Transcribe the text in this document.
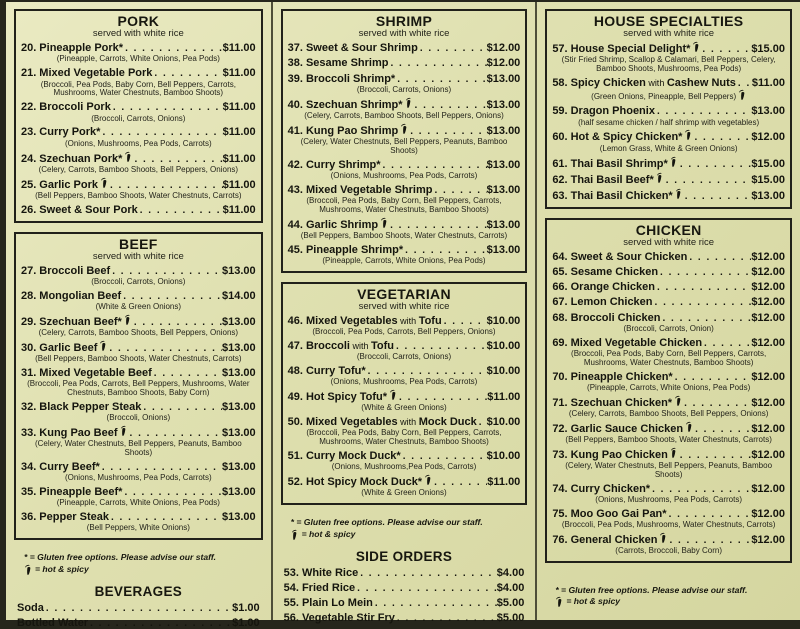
PORK
served with white rice
20. Pineapple Pork* . . .	$11.00
(Pineapple, Carrots, White Onions, Pea Pods)
21. Mixed Vegetable Pork . . .	$11.00
(Broccoli, Pea Pods, Baby Corn, Bell Peppers, Carrots, Mushrooms, Water Chestnuts, Bamboo Shoots)
22. Broccoli Pork . . .	$11.00
(Broccoli, Carrots, Onions)
23. Curry Pork* . . .	$11.00
(Onions, Mushrooms, Pea Pods, Carrots)
24. Szechuan Pork* . . .	$11.00
(Celery, Carrots, Bamboo Shoots, Bell Peppers, Onions)
25. Garlic Pork . . .	$11.00
(Bell Peppers, Bamboo Shoots, Water Chestnuts, Carrots)
26. Sweet & Sour Pork . . .	$11.00
BEEF
served with white rice
27. Broccoli Beef . . .	$13.00
(Broccoli, Carrots, Onions)
28. Mongolian Beef . . .	$14.00
(White & Green Onions)
29. Szechuan Beef* . . .	$13.00
(Celery, Carrots, Bamboo Shoots, Bell Peppers, Onions)
30. Garlic Beef . . .	$13.00
(Bell Peppers, Bamboo Shoots, Water Chestnuts, Carrots)
31. Mixed Vegetable Beef . . .	$13.00
(Broccoli, Pea Pods, Carrots, Bell Peppers, Mushrooms, Water Chestnuts, Bamboo Shoots, Baby Corn)
32. Black Pepper Steak . . .	$13.00
(Broccoli, Onions)
33. Kung Pao Beef . . .	$13.00
(Celery, Water Chestnuts, Bell Peppers, Peanuts, Bamboo Shoots)
34. Curry Beef* . . .	$13.00
(Onions, Mushrooms, Pea Pods, Carrots)
35. Pineapple Beef* . . .	$13.00
(Pineapple, Carrots, White Onions, Pea Pods)
36. Pepper Steak . . .	$13.00
(Bell Peppers, White Onions)
* = Gluten free options. Please advise our staff.
= hot & spicy
BEVERAGES
Soda . . .	$1.00
Bottled Water . . .	$1.00
SHRIMP
served with white rice
37. Sweet & Sour Shrimp . . .	$12.00
38. Sesame Shrimp . . .	$12.00
39. Broccoli Shrimp* . . .	$13.00
(Broccoli, Carrots, Onions)
40. Szechuan Shrimp* . . .	$13.00
(Celery, Carrots, Bamboo Shoots, Bell Peppers, Onions)
41. Kung Pao Shrimp . . .	$13.00
(Celery, Water Chestnuts, Bell Peppers, Peanuts, Bamboo Shoots)
42. Curry Shrimp* . . .	$13.00
(Onions, Mushrooms, Pea Pods, Carrots)
43. Mixed Vegetable Shrimp . . .	$13.00
(Broccoli, Pea Pods, Baby Corn, Bell Peppers, Carrots, Mushrooms, Water Chestnuts, Bamboo Shoots)
44. Garlic Shrimp . . .	$13.00
(Bell Peppers, Bamboo Shoots, Water Chestnuts, Carrots)
45. Pineapple Shrimp* . . .	$13.00
(Pineapple, Carrots, White Onions, Pea Pods)
VEGETARIAN
served with white rice
46. Mixed Vegetables with Tofu . . .	$10.00
(Broccoli, Pea Pods, Carrots, Bell Peppers, Onions)
47. Broccoli with Tofu . . .	$10.00
(Broccoli, Carrots, Onions)
48. Curry Tofu* . . .	$10.00
(Onions, Mushrooms, Pea Pods, Carrots)
49. Hot Spicy Tofu* . . .	$11.00
(White & Green Onions)
50. Mixed Vegetables with Mock Duck . . . $10.00
(Broccoli, Pea Pods, Baby Corn, Bell Peppers, Carrots, Mushrooms, Water Chestnuts, Bamboo Shoots)
51. Curry Mock Duck* . . .	$10.00
(Onions, Mushrooms,Pea Pods, Carrots)
52. Hot Spicy Mock Duck* . . .	$11.00
(White & Green Onions)
* = Gluten free options. Please advise our staff.
= hot & spicy
SIDE ORDERS
53. White Rice . . .	$4.00
54. Fried Rice . . .	$4.00
55. Plain Lo Mein . . .	$5.00
56. Vegetable Stir Fry . . .	$5.00
HOUSE SPECIALTIES
served with white rice
57. House Special Delight* . . .	$15.00
(Stir Fried Shrimp, Scallop & Calamari, Bell Peppers, Celery, Bamboo Shoots, Mushrooms, Pea Pods)
58. Spicy Chicken with Cashew Nuts . . . $11.00
(Green Onions, Pineapple, Bell Peppers)
59. Dragon Phoenix . . .	$13.00
(half sesame chicken / half shrimp with vegetables)
60. Hot & Spicy Chicken* . . .	$12.00
(Lemon Grass, White & Green Onions)
61. Thai Basil Shrimp* . . .	$15.00
62. Thai Basil Beef* . . .	$15.00
63. Thai Basil Chicken* . . .	$13.00
CHICKEN
served with white rice
64. Sweet & Sour Chicken . . .	$12.00
65. Sesame Chicken . . .	$12.00
66. Orange Chicken . . .	$12.00
67. Lemon Chicken . . .	$12.00
68. Broccoli Chicken . . .	$12.00
(Broccoli, Carrots, Onion)
69. Mixed Vegetable Chicken . . .	$12.00
(Broccoli, Pea Pods, Baby Corn, Bell Peppers, Carrots, Mushrooms, Water Chestnuts, Bamboo Shoots)
70. Pineapple Chicken* . . .	$12.00
(Pineapple, Carrots, White Onions, Pea Pods)
71. Szechuan Chicken* . . .	$12.00
(Celery, Carrots, Bamboo Shoots, Bell Peppers, Onions)
72. Garlic Sauce Chicken . . .	$12.00
(Bell Peppers, Bamboo Shoots, Water Chestnuts, Carrots)
73. Kung Pao Chicken . . .	$12.00
(Celery, Water Chestnuts, Bell Peppers, Peanuts, Bamboo Shoots)
74. Curry Chicken* . . .	$12.00
(Onions, Mushrooms, Pea Pods, Carrots)
75. Moo Goo Gai Pan* . . .	$12.00
(Broccoli, Pea Pods, Mushrooms, Water Chestnuts, Carrots)
76. General Chicken . . .	$12.00
(Carrots, Broccoli, Baby Corn)
* = Gluten free options. Please advise our staff.
= hot & spicy
